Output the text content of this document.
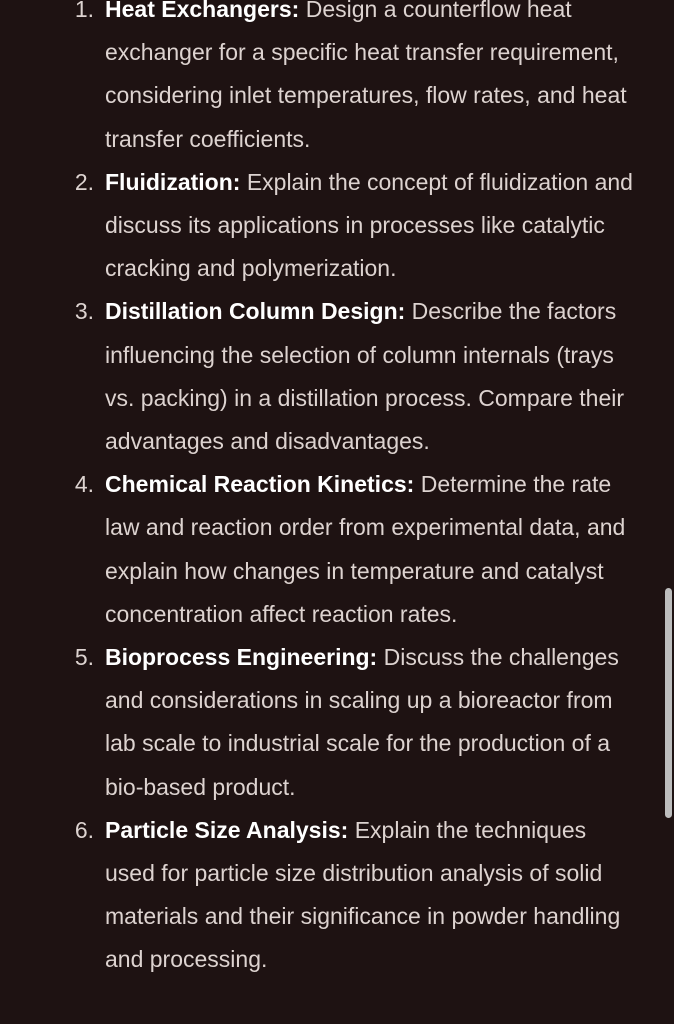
1. Heat Exchangers: Design a counterflow heat exchanger for a specific heat transfer requirement, considering inlet temperatures, flow rates, and heat transfer coefficients.
2. Fluidization: Explain the concept of fluidization and discuss its applications in processes like catalytic cracking and polymerization.
3. Distillation Column Design: Describe the factors influencing the selection of column internals (trays vs. packing) in a distillation process. Compare their advantages and disadvantages.
4. Chemical Reaction Kinetics: Determine the rate law and reaction order from experimental data, and explain how changes in temperature and catalyst concentration affect reaction rates.
5. Bioprocess Engineering: Discuss the challenges and considerations in scaling up a bioreactor from lab scale to industrial scale for the production of a bio-based product.
6. Particle Size Analysis: Explain the techniques used for particle size distribution analysis of solid materials and their significance in powder handling and processing.
